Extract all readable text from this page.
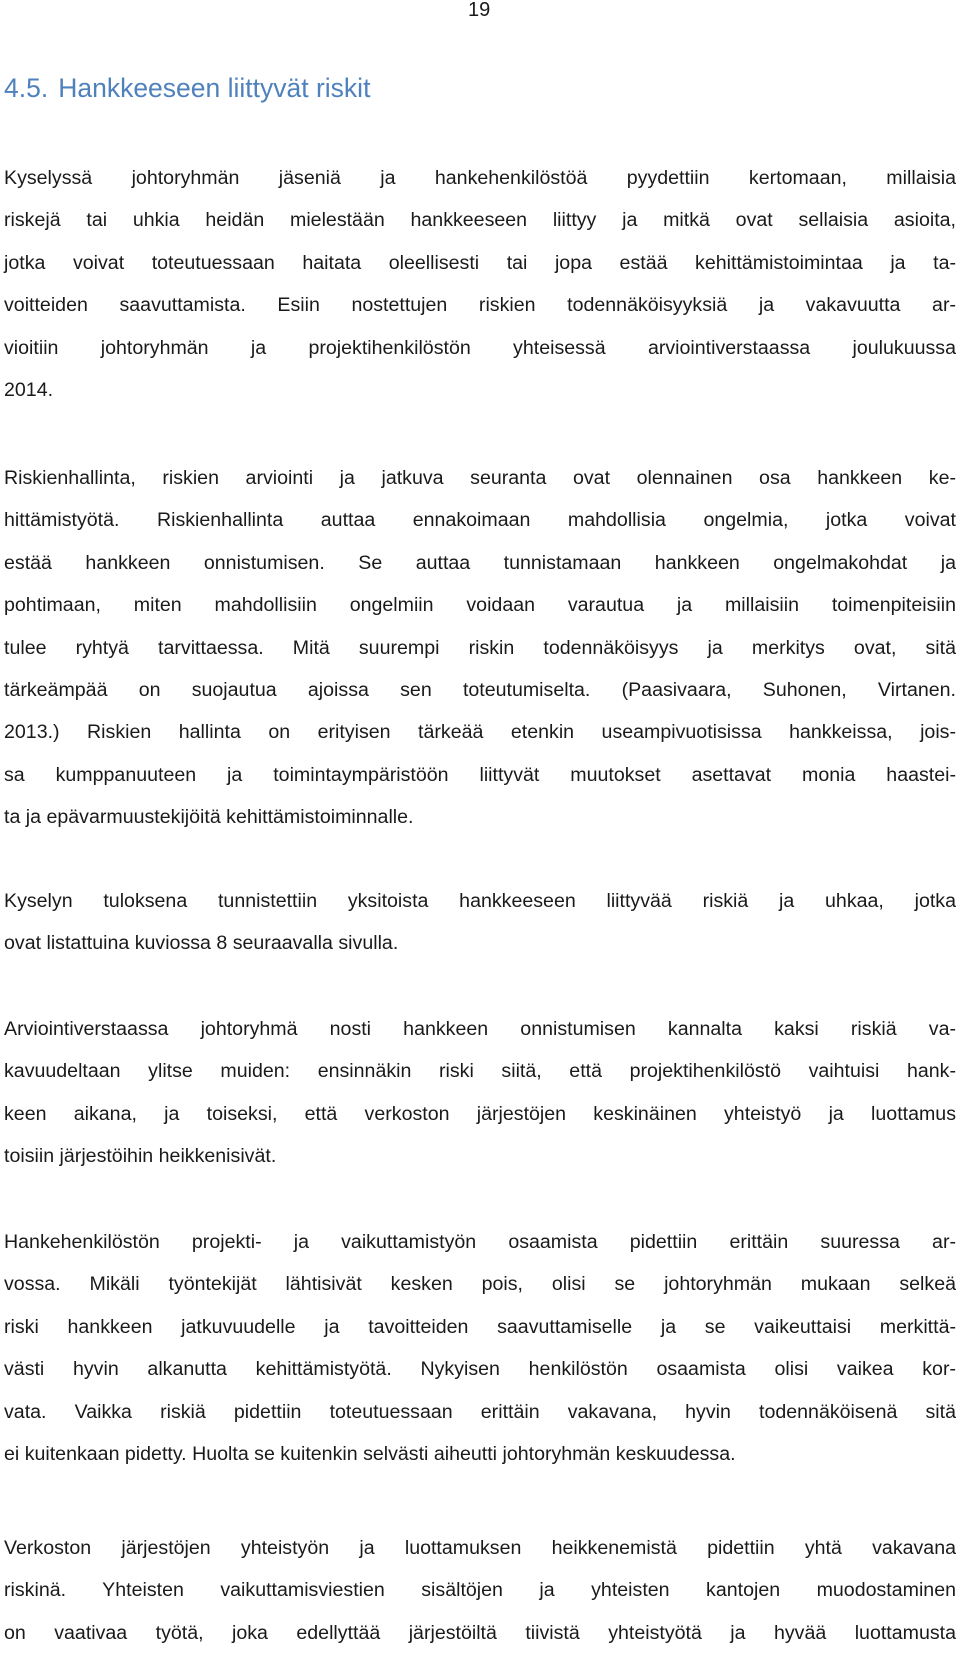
19
4.5. Hankkeeseen liittyvät riskit

Kyselyssä johtoryhmän jäseniä ja hankehenkilöstöä pyydettiin kertomaan, millaisia
riskejä tai uhkia heidän mielestään hankkeeseen liittyy ja mitkä ovat sellaisia asioita,
jotka voivat toteutuessaan haitata oleellisesti tai jopa estää kehittämistoimintaa ja ta-
voitteiden saavuttamista. Esiin nostettujen riskien todennäköisyyksiä ja vakavuutta ar-
vioitiin johtoryhmän ja projektihenkilöstön yhteisessä arviointiverstaassa joulukuussa
2014.

Riskienhallinta, riskien arviointi ja jatkuva seuranta ovat olennainen osa hankkeen ke-
hittämistyötä. Riskienhallinta auttaa ennakoimaan mahdollisia ongelmia, jotka voivat
estää hankkeen onnistumisen. Se auttaa tunnistamaan hankkeen ongelmakohdat ja
pohtimaan, miten mahdollisiin ongelmiin voidaan varautua ja millaisiin toimenpiteisiin
tulee ryhtyä tarvittaessa. Mitä suurempi riskin todennäköisyys ja merkitys ovat, sitä
tärkeämpää on suojautua ajoissa sen toteutumiselta. (Paasivaara, Suhonen, Virtanen.
2013.) Riskien hallinta on erityisen tärkeää etenkin useampivuotisissa hankkeissa, jois-
sa kumppanuuteen ja toimintaympäristöön liittyvät muutokset asettavat monia haastei-
ta ja epävarmuustekijöitä kehittämistoiminnalle.

Kyselyn tuloksena tunnistettiin yksitoista hankkeeseen liittyvää riskiä ja uhkaa, jotka
ovat listattuina kuviossa 8 seuraavalla sivulla.

Arviointiverstaassa johtoryhmä nosti hankkeen onnistumisen kannalta kaksi riskiä va-
kavuudeltaan ylitse muiden: ensinnäkin riski siitä, että projektihenkilöstö vaihtuisi hank-
keen aikana, ja toiseksi, että verkoston järjestöjen keskinäinen yhteistyö ja luottamus
toisiin järjestöihin heikkenisivät.

Hankehenkilöstön projekti- ja vaikuttamistyön osaamista pidettiin erittäin suuressa ar-
vossa. Mikäli työntekijät lähtisivät kesken pois, olisi se johtoryhmän mukaan selkeä
riski hankkeen jatkuvuudelle ja tavoitteiden saavuttamiselle ja se vaikeuttaisi merkittä-
västi hyvin alkanutta kehittämistyötä. Nykyisen henkilöstön osaamista olisi vaikea kor-
vata. Vaikka riskiä pidettiin toteutuessaan erittäin vakavana, hyvin todennäköisenä sitä
ei kuitenkaan pidetty. Huolta se kuitenkin selvästi aiheutti johtoryhmän keskuudessa.

Verkoston järjestöjen yhteistyön ja luottamuksen heikkenemistä pidettiin yhtä vakavana
riskinä. Yhteisten vaikuttamisviestien sisältöjen ja yhteisten kantojen muodostaminen
on vaativaa työtä, joka edellyttää järjestöiltä tiivistä yhteistyötä ja hyvää luottamusta
